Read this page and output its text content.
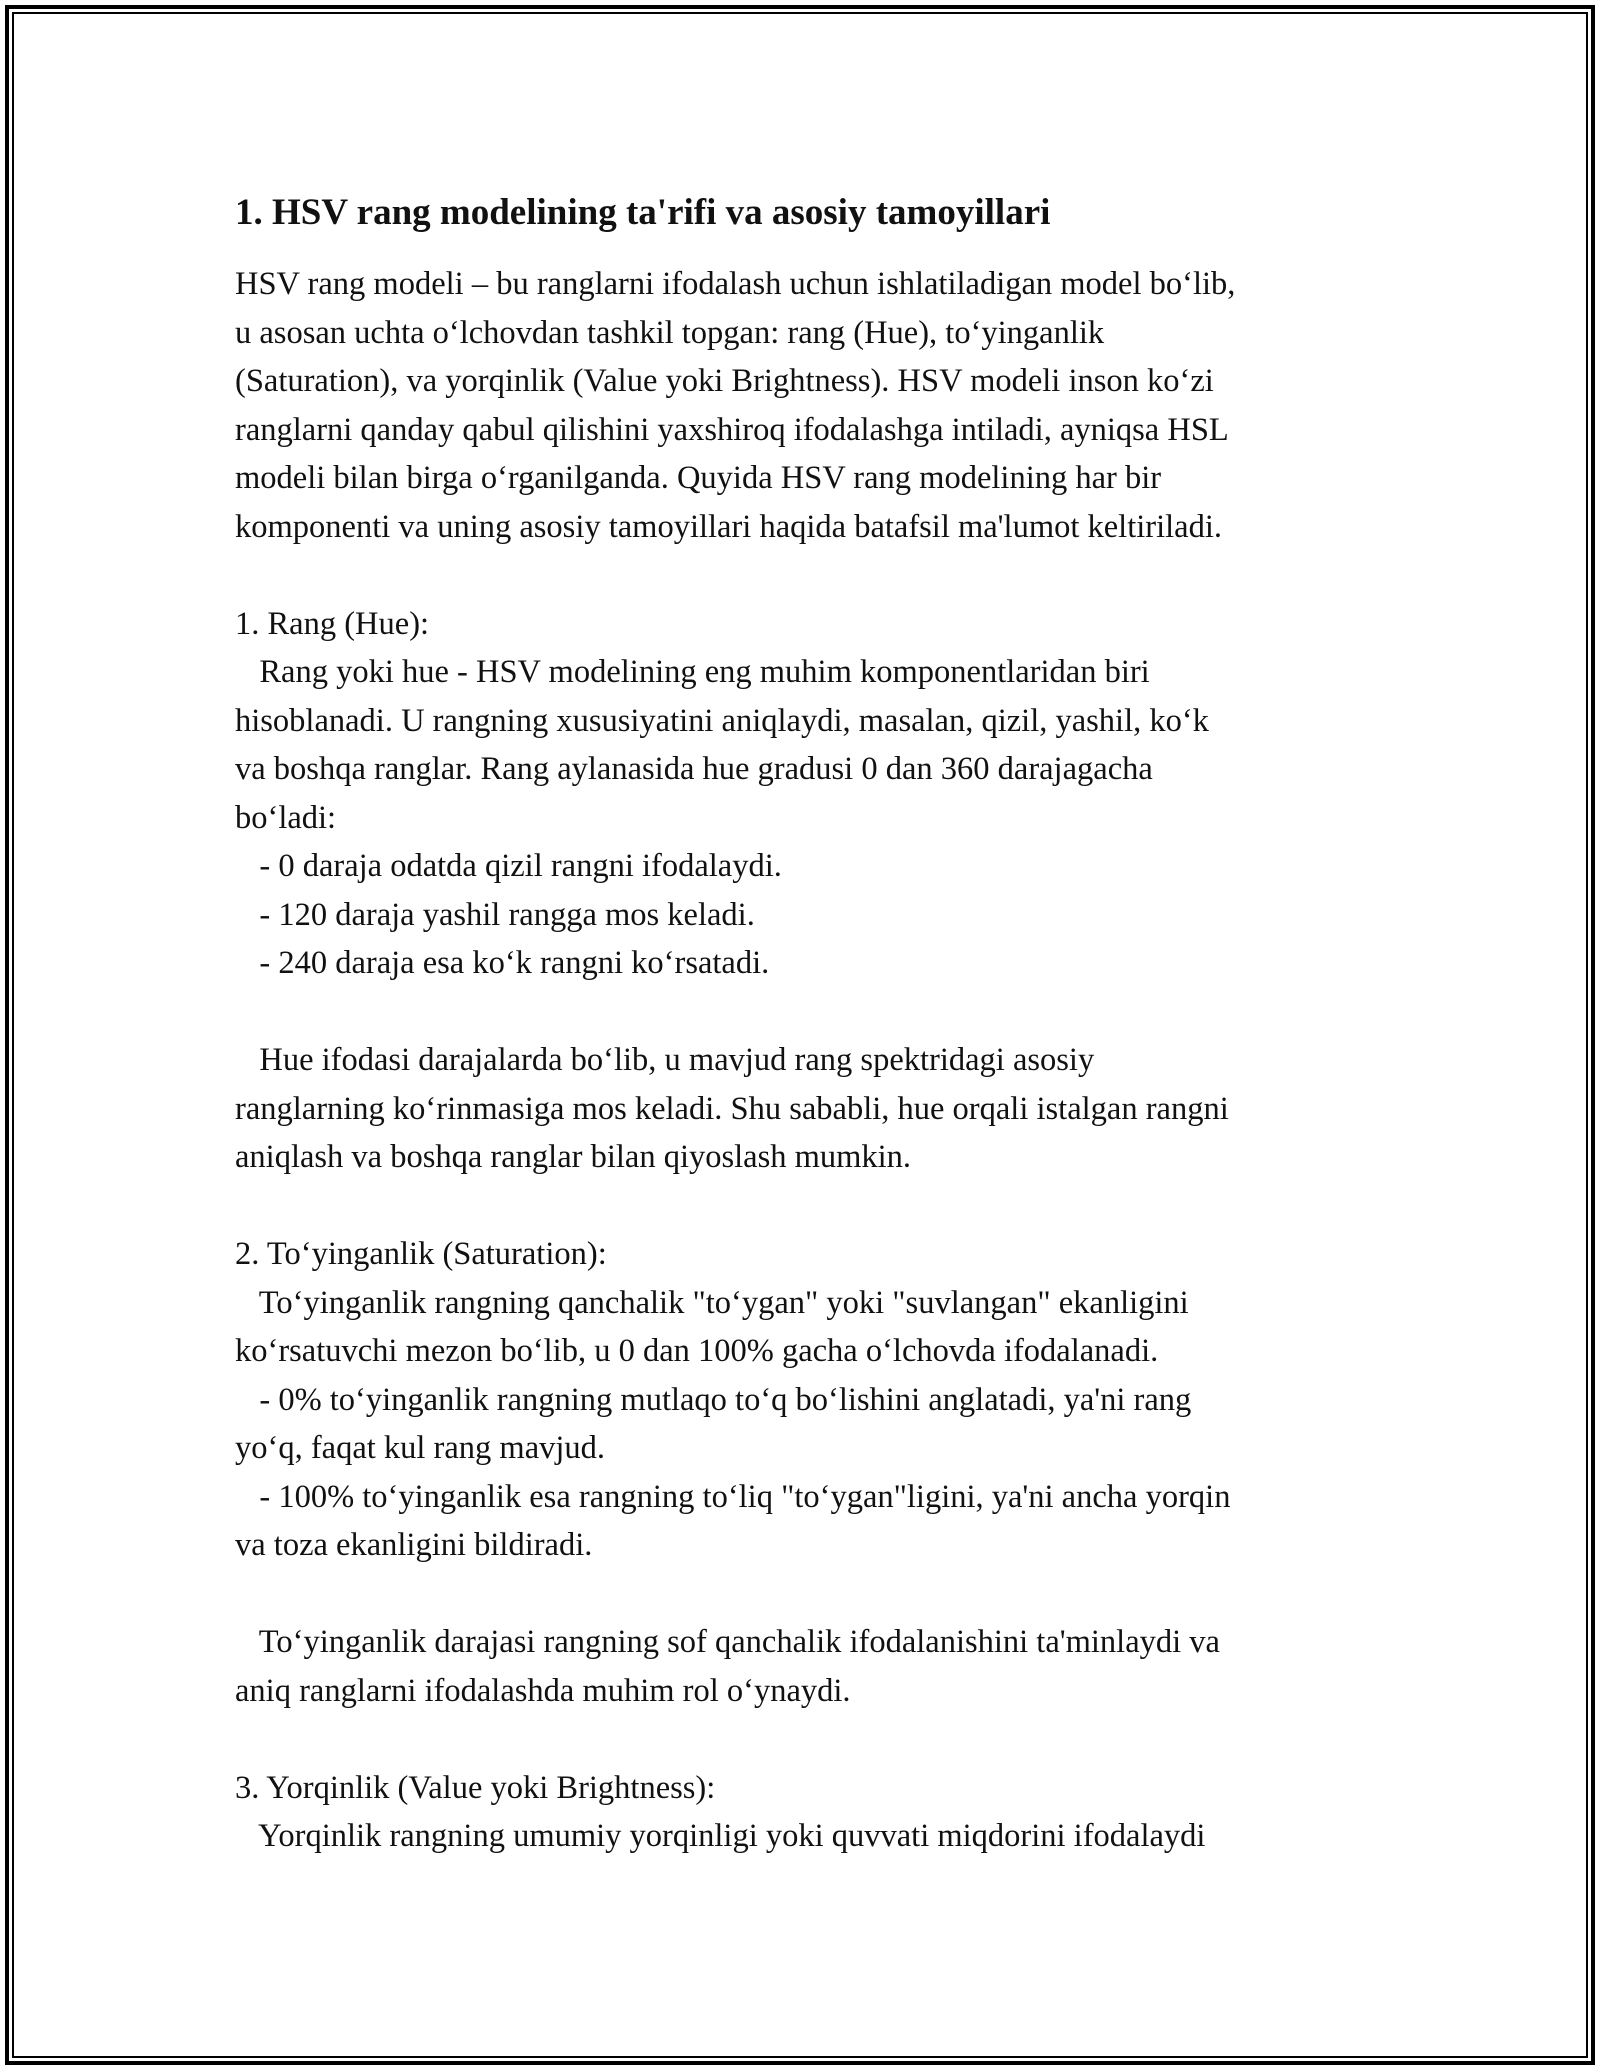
1. HSV rang modelining ta'rifi va asosiy tamoyillari
HSV rang modeli – bu ranglarni ifodalash uchun ishlatiladigan model bo‘lib,
u asosan uchta o‘lchovdan tashkil topgan: rang (Hue), to‘yinganlik
(Saturation), va yorqinlik (Value yoki Brightness). HSV modeli inson ko‘zi
ranglarni qanday qabul qilishini yaxshiroq ifodalashga intiladi, ayniqsa HSL
modeli bilan birga o‘rganilganda. Quyida HSV rang modelining har bir
komponenti va uning asosiy tamoyillari haqida batafsil ma'lumot keltiriladi.
1. Rang (Hue):
Rang yoki hue - HSV modelining eng muhim komponentlaridan biri
hisoblanadi. U rangning xususiyatini aniqlaydi, masalan, qizil, yashil, ko‘k
va boshqa ranglar. Rang aylanasida hue gradusi 0 dan 360 darajagacha
bo‘ladi:
- 0 daraja odatda qizil rangni ifodalaydi.
- 120 daraja yashil rangga mos keladi.
- 240 daraja esa ko‘k rangni ko‘rsatadi.
Hue ifodasi darajalarda bo‘lib, u mavjud rang spektridagi asosiy
ranglarning ko‘rinmasiga mos keladi. Shu sababli, hue orqali istalgan rangni
aniqlash va boshqa ranglar bilan qiyoslash mumkin.
2. To‘yinganlik (Saturation):
To‘yinganlik rangning qanchalik "to‘ygan" yoki "suvlangan" ekanligini
ko‘rsatuvchi mezon bo‘lib, u 0 dan 100% gacha o‘lchovda ifodalanadi.
- 0% to‘yinganlik rangning mutlaqo to‘q bo‘lishini anglatadi, ya'ni rang
yo‘q, faqat kul rang mavjud.
- 100% to‘yinganlik esa rangning to‘liq "to‘ygan"ligini, ya'ni ancha yorqin
va toza ekanligini bildiradi.
To‘yinganlik darajasi rangning sof qanchalik ifodalanishini ta'minlaydi va
aniq ranglarni ifodalashda muhim rol o‘ynaydi.
3. Yorqinlik (Value yoki Brightness):
Yorqinlik rangning umumiy yorqinligi yoki quvvati miqdorini ifodalaydi
